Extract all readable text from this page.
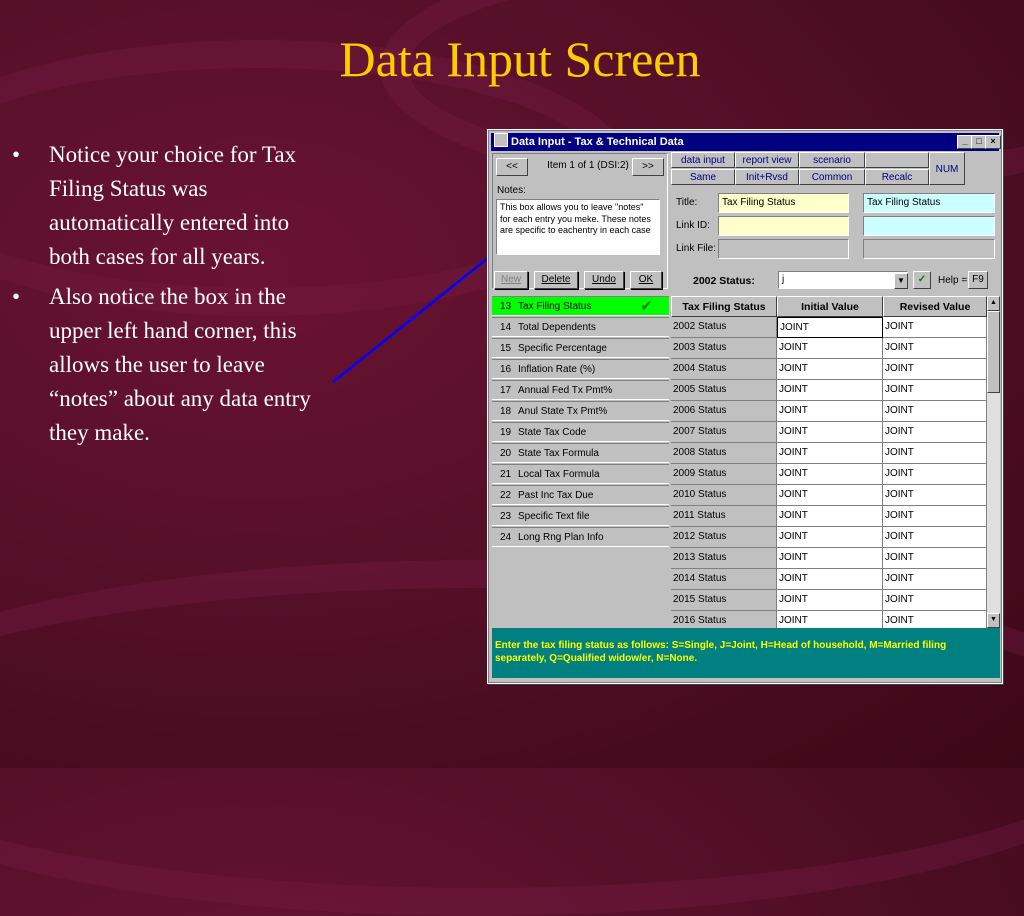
Data Input Screen
• Notice your choice for Tax Filing Status was automatically entered into both cases for all years.
• Also notice the box in the upper left hand corner, this allows the user to leave “notes” about any data entry they make.
Data Input - Tax & Technical Data	_ □ ×
<<	Item 1 of 1 (DSI:2)	>>
Notes:
This box allows you to leave "notes" for each entry you meke. These notes are specific to eachentry in each case
data input	report view	scenario
Same	Init+Rvsd	Common	Recalc
NUM
Title:	Tax Filing Status	Tax Filing Status
Link ID:
Link File:
New	Delete	Undo	OK	2002 Status:	j	▼	✓	Help = F9
13 Tax Filing Status	✔
14 Total Dependents
15 Specific Percentage
16 Inflation Rate (%)
17 Annual Fed Tx Pmt%
18 Anul State Tx Pmt%
19 State Tax Code
20 State Tax Formula
21 Local Tax Formula
22 Past Inc Tax Due
23 Specific Text file
24 Long Rng Plan Info
Tax Filing Status	Initial Value	Revised Value
2002 Status	JOINT	JOINT
2003 Status	JOINT	JOINT
2004 Status	JOINT	JOINT
2005 Status	JOINT	JOINT
2006 Status	JOINT	JOINT
2007 Status	JOINT	JOINT
2008 Status	JOINT	JOINT
2009 Status	JOINT	JOINT
2010 Status	JOINT	JOINT
2011 Status	JOINT	JOINT
2012 Status	JOINT	JOINT
2013 Status	JOINT	JOINT
2014 Status	JOINT	JOINT
2015 Status	JOINT	JOINT
2016 Status	JOINT	JOINT
▲
▼
Enter the tax filing status as follows: S=Single, J=Joint, H=Head of household, M=Married filing separately, Q=Qualified widow/er, N=None.
